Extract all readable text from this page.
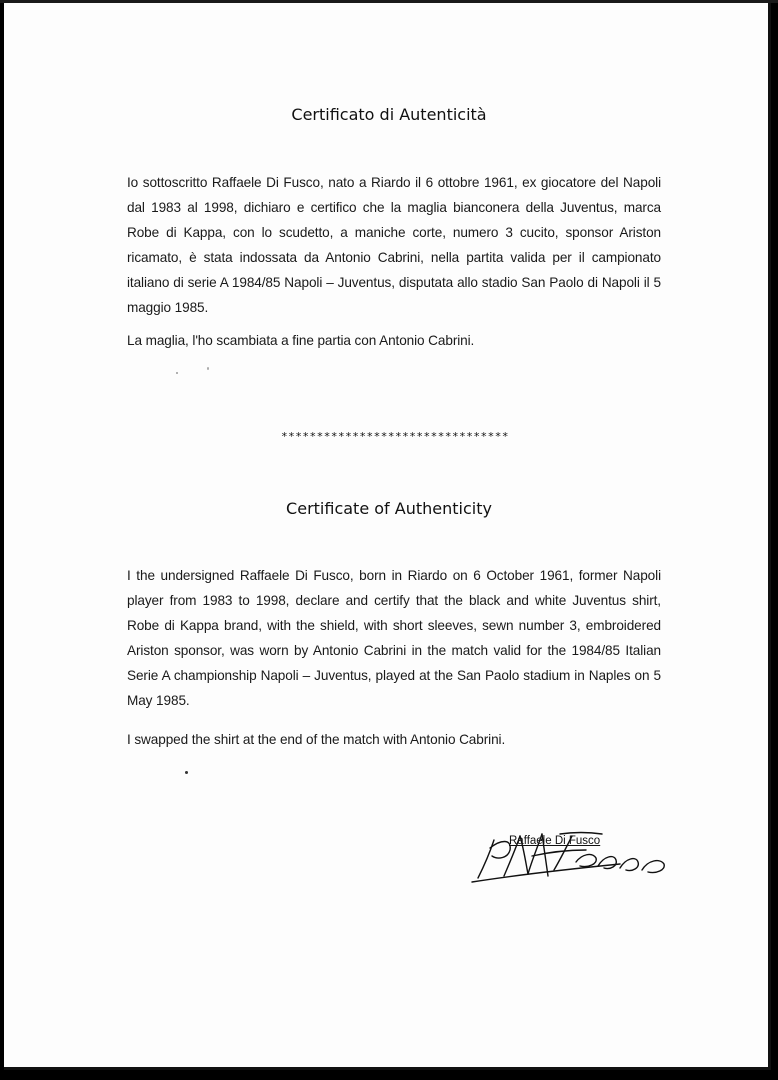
Certificato di Autenticità

Io sottoscritto Raffaele Di Fusco, nato a Riardo il 6 ottobre 1961, ex giocatore del Napoli dal 1983 al 1998, dichiaro e certifico che la maglia bianconera della Juventus, marca Robe di Kappa, con lo scudetto, a maniche corte, numero 3 cucito, sponsor Ariston ricamato, è stata indossata da Antonio Cabrini, nella partita valida per il campionato italiano di serie A 1984/85 Napoli – Juventus, disputata allo stadio San Paolo di Napoli il 5 maggio 1985.

La maglia, l'ho scambiata a fine partia con Antonio Cabrini.

********************************

Certificate of Authenticity

I the undersigned Raffaele Di Fusco, born in Riardo on 6 October 1961, former Napoli player from 1983 to 1998, declare and certify that the black and white Juventus shirt, Robe di Kappa brand, with the shield, with short sleeves, sewn number 3, embroidered Ariston sponsor, was worn by Antonio Cabrini in the match valid for the 1984/85 Italian Serie A championship Napoli – Juventus, played at the San Paolo stadium in Naples on 5 May 1985.

I swapped the shirt at the end of the match with Antonio Cabrini.

Raffaele Di Fusco
